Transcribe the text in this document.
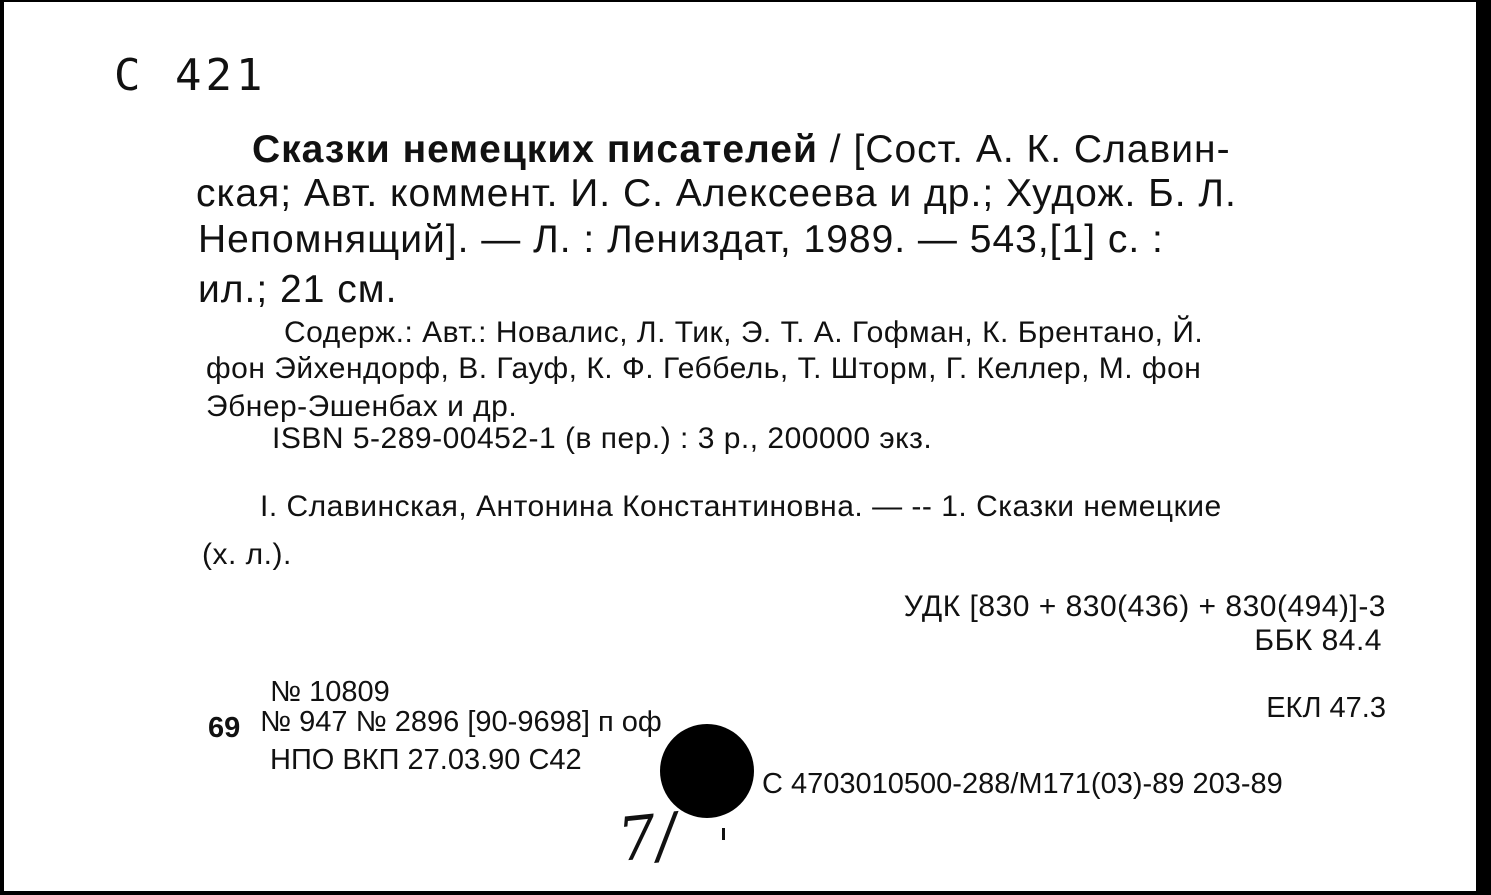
С 421
Сказки немецких писателей / [Сост. А. К. Славин-
ская; Авт. коммент. И. С. Алексеева и др.; Худож. Б. Л.
Непомнящий]. — Л. : Лениздат, 1989. — 543,[1] с. :
ил.; 21 см.
Содерж.: Авт.: Новалис, Л. Тик, Э. Т. А. Гофман, К. Брентано, Й.
фон Эйхендорф, В. Гауф, К. Ф. Геббель, Т. Шторм, Г. Келлер, М. фон
Эбнер-Эшенбах и др.
ISBN 5-289-00452-1 (в пер.) : 3 р., 200000 экз.
I. Славинская, Антонина Константиновна. — -- 1. Сказки немецкие
(х. л.).
УДК [830 + 830(436) + 830(494)]-3
ББК 84.4
№ 10809
69 № 947 № 2896 [90-9698] п оф	ЕКЛ 47.3
НПО ВКП 27.03.90 С42
С 4703010500-288/М171(03)-89 203-89
7/
